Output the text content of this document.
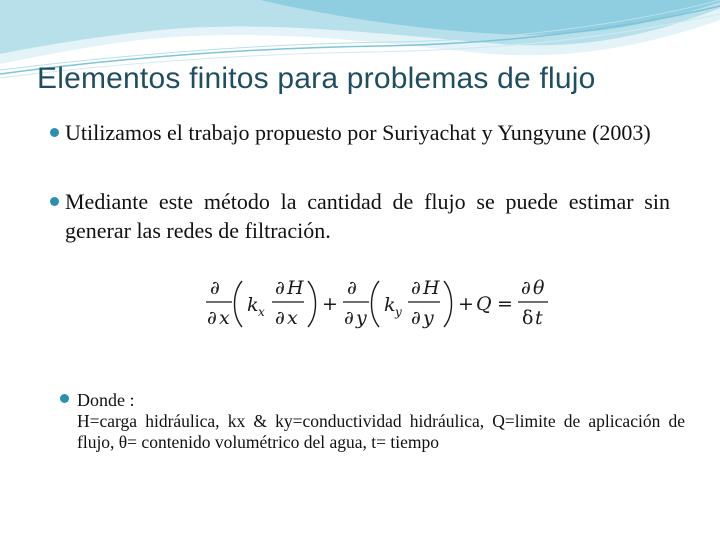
Elementos finitos para problemas de flujo
Utilizamos el trabajo propuesto por Suriyachat y Yungyune (2003)
Mediante este método la cantidad de flujo se puede estimar sin generar las redes de filtración.
∂
∂ x
k x
∂ H
∂ x
+
∂
∂ y
k y
∂ H
∂ y
+ Q =
∂ θ
δ t
Donde :
H=carga hidráulica, kx & ky=conductividad hidráulica, Q=limite de aplicación de flujo, θ= contenido volumétrico del agua, t= tiempo
